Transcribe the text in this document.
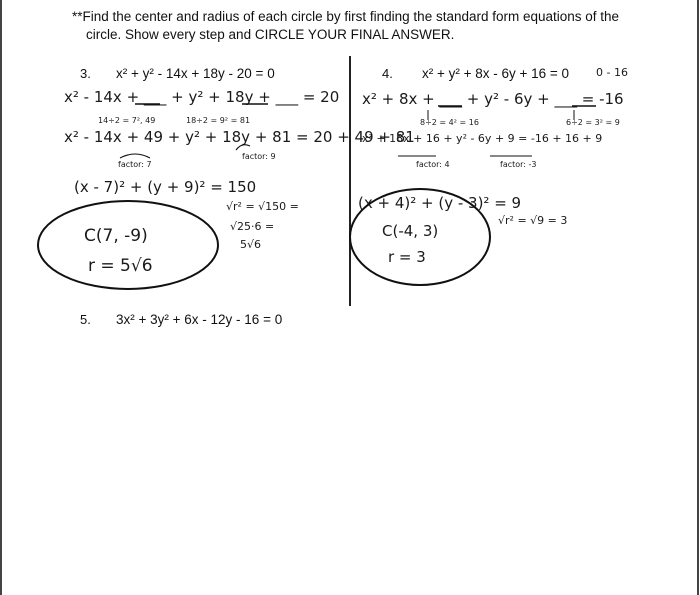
**Find the center and radius of each circle by first finding the standard form equations of the
circle. Show every step and CIRCLE YOUR FINAL ANSWER.
3. x² + y² - 14x + 18y - 20 = 0
x² - 14x + ___ + y² + 18y + ___ = 20
14÷2 = 7², 49	18÷2 = 9² = 81
x² - 14x + 49 + y² + 18y + 81 = 20 + 49 + 81
factor: 7
factor: 9
(x - 7)² + (y + 9)² = 150
√r² = √150 =
√25·6 =
5√6
C(7, -9)
r = 5√6
4. x² + y² + 8x - 6y + 16 = 0 0 - 16
x² + 8x + ___ + y² - 6y + ___ = -16
8÷2 = 4² = 16	6÷2 = 3² = 9
x² + 18x + 16 + y² - 6y + 9 = -16 + 16 + 9
factor: 4	factor: -3
(x + 4)² + (y - 3)² = 9
√r² = √9 = 3
C(-4, 3)
r = 3
5. 3x² + 3y² + 6x - 12y - 16 = 0
